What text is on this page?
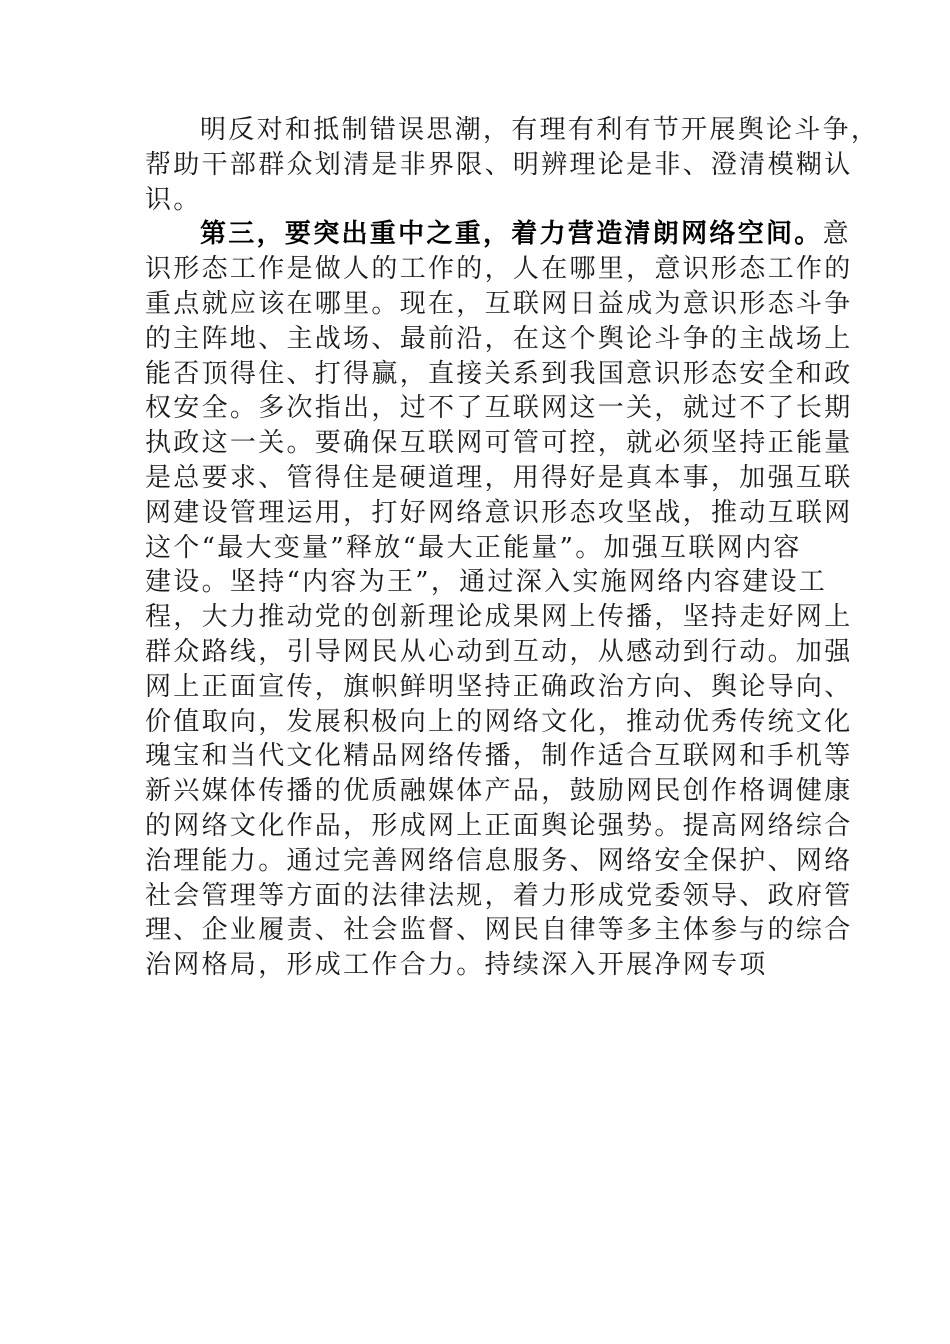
明反对和抵制错误思潮，有理有利有节开展舆论斗争，
帮助干部群众划清是非界限、明辨理论是非、澄清模糊认
识。
第三，要突出重中之重，着力营造清朗网络空间。意
识形态工作是做人的工作的，人在哪里，意识形态工作的
重点就应该在哪里。现在，互联网日益成为意识形态斗争
的主阵地、主战场、最前沿，在这个舆论斗争的主战场上
能否顶得住、打得赢，直接关系到我国意识形态安全和政
权安全。多次指出，过不了互联网这一关，就过不了长期
执政这一关。要确保互联网可管可控，就必须坚持正能量
是总要求、管得住是硬道理，用得好是真本事，加强互联
网建设管理运用，打好网络意识形态攻坚战，推动互联网
这个“最大变量”释放“最大正能量”。加强互联网内容
建设。坚持“内容为王”，通过深入实施网络内容建设工
程，大力推动党的创新理论成果网上传播，坚持走好网上
群众路线，引导网民从心动到互动，从感动到行动。加强
网上正面宣传，旗帜鲜明坚持正确政治方向、舆论导向、
价值取向，发展积极向上的网络文化，推动优秀传统文化
瑰宝和当代文化精品网络传播，制作适合互联网和手机等
新兴媒体传播的优质融媒体产品，鼓励网民创作格调健康
的网络文化作品，形成网上正面舆论强势。提高网络综合
治理能力。通过完善网络信息服务、网络安全保护、网络
社会管理等方面的法律法规，着力形成党委领导、政府管
理、企业履责、社会监督、网民自律等多主体参与的综合
治网格局，形成工作合力。持续深入开展净网专项
